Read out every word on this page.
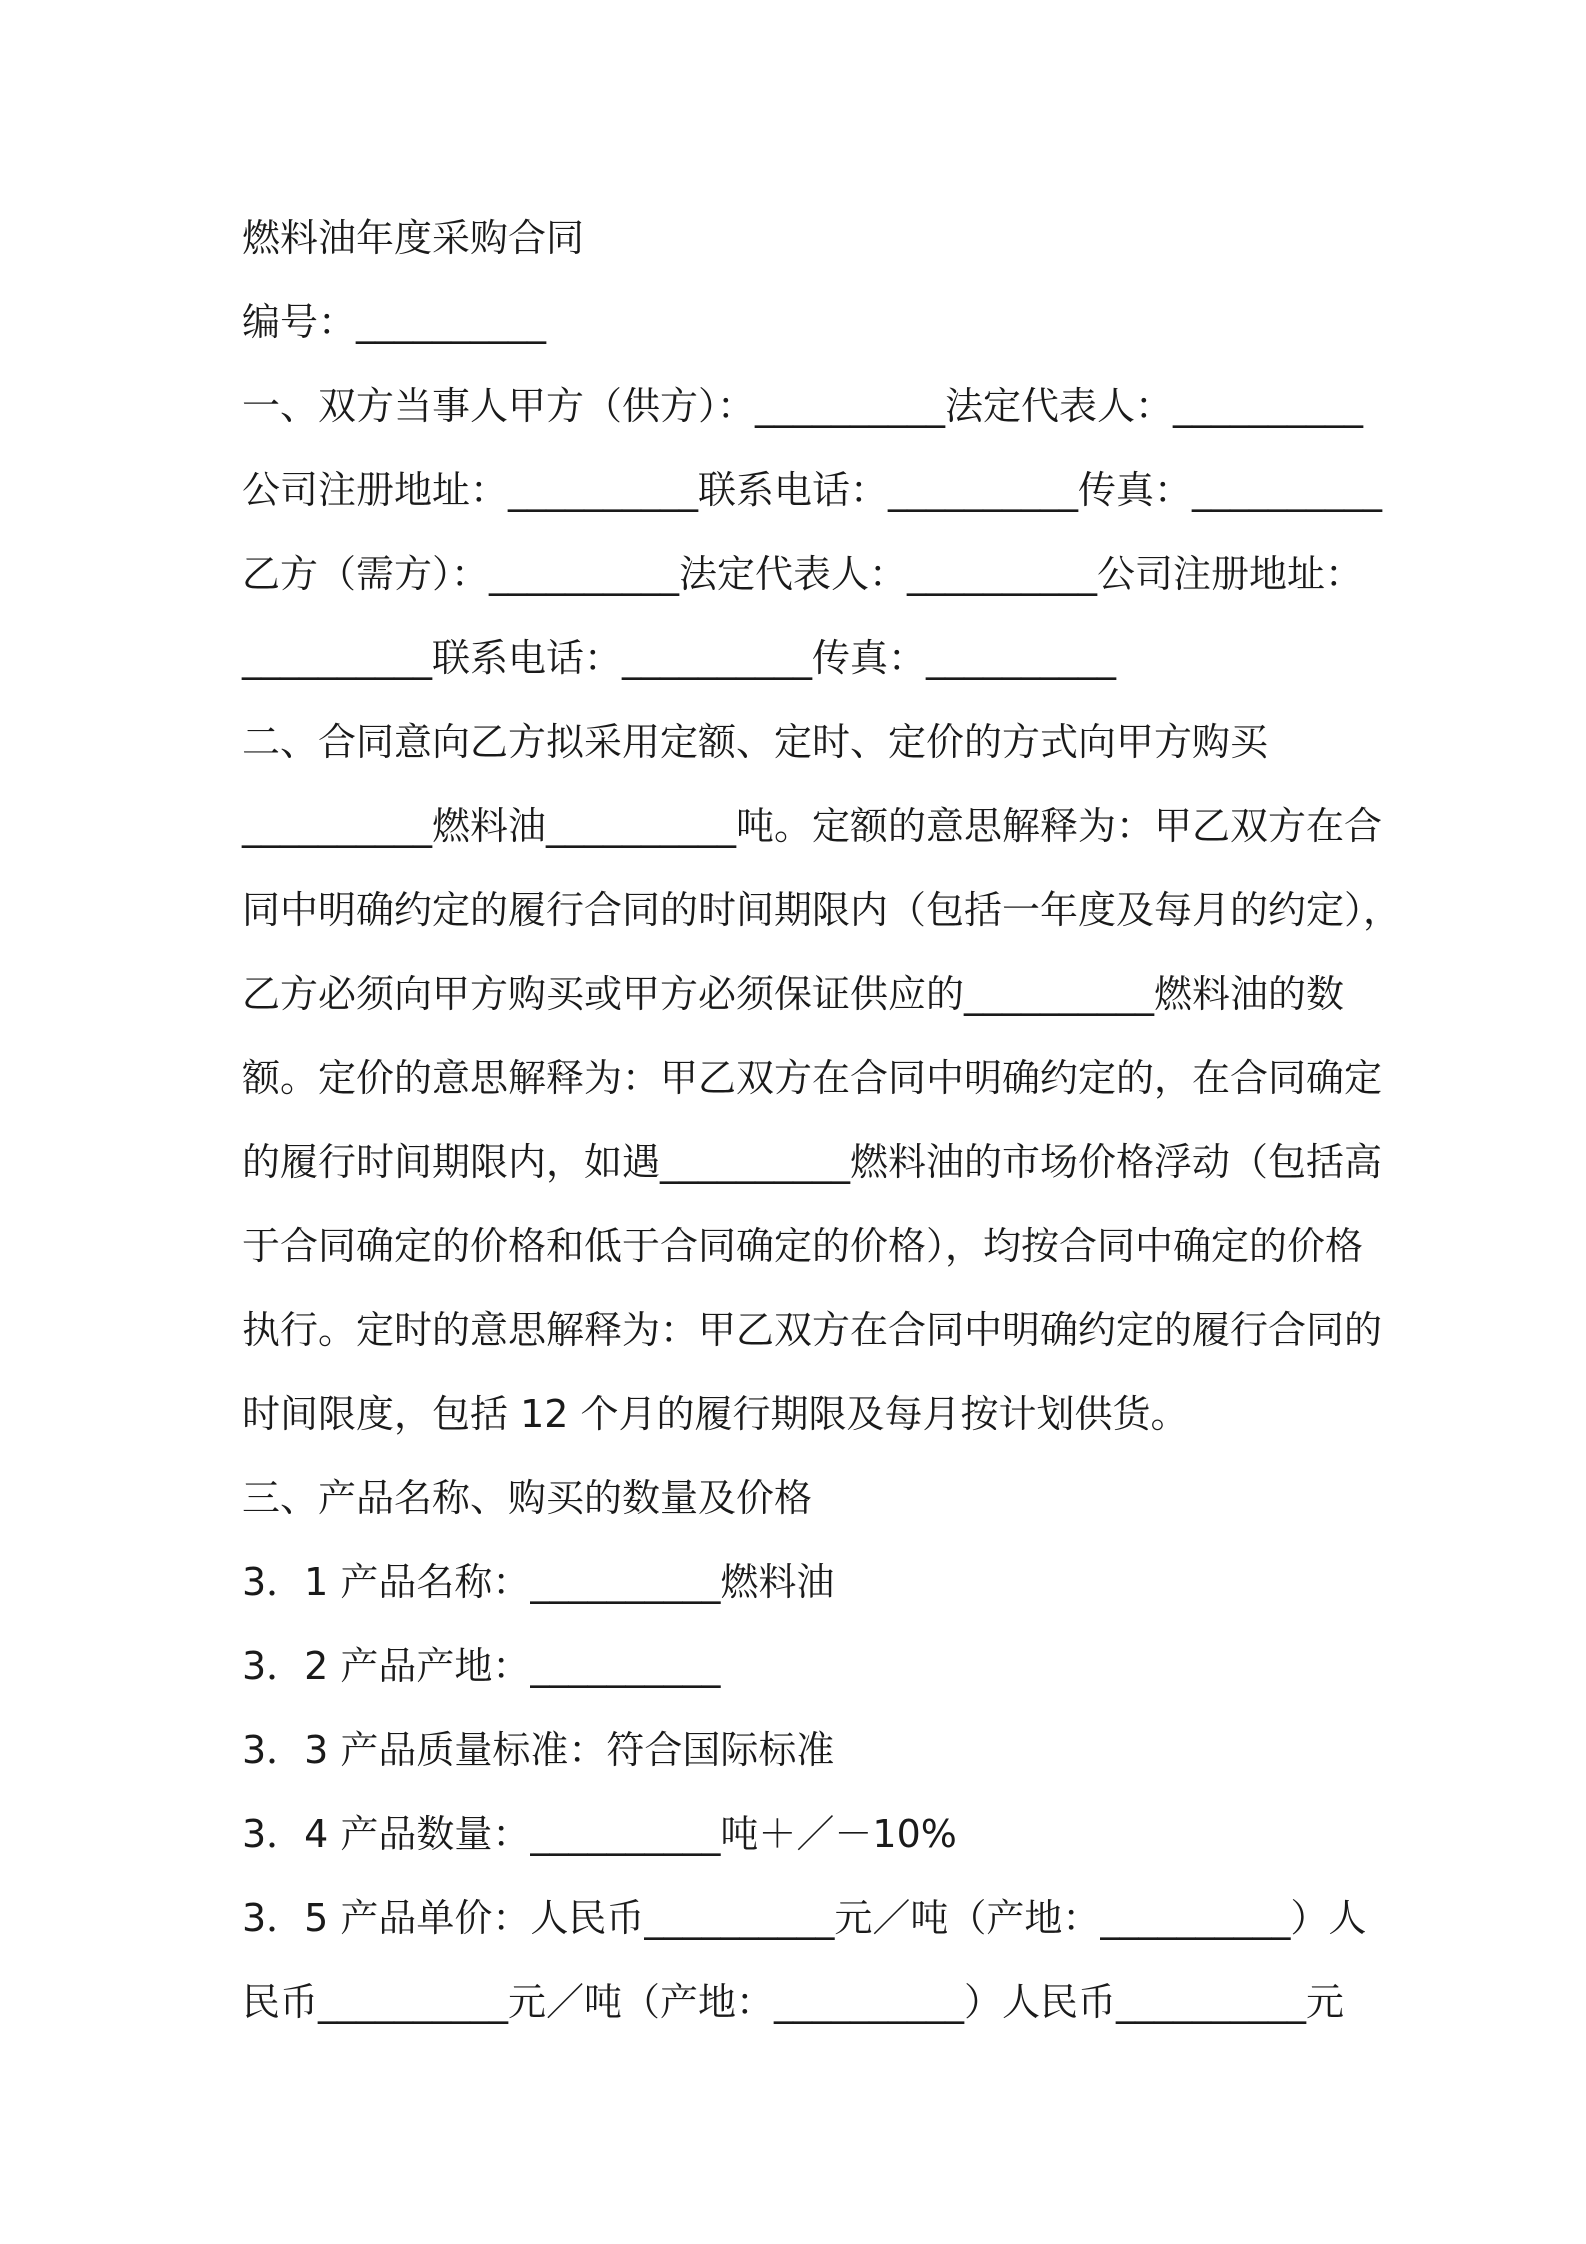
燃料油年度采购合同
编号：__________
一、双方当事人甲方（供方）：__________法定代表人：__________
公司注册地址：__________联系电话：__________传真：__________
乙方（需方）：__________法定代表人：__________公司注册地址：
__________联系电话：__________传真：__________
二、合同意向乙方拟采用定额、定时、定价的方式向甲方购买
__________燃料油__________吨。定额的意思解释为：甲乙双方在合
同中明确约定的履行合同的时间期限内（包括一年度及每月的约定），
乙方必须向甲方购买或甲方必须保证供应的__________燃料油的数
额。定价的意思解释为：甲乙双方在合同中明确约定的，在合同确定
的履行时间期限内，如遇__________燃料油的市场价格浮动（包括高
于合同确定的价格和低于合同确定的价格），均按合同中确定的价格
执行。定时的意思解释为：甲乙双方在合同中明确约定的履行合同的
时间限度，包括 12 个月的履行期限及每月按计划供货。
三、产品名称、购买的数量及价格
3．1 产品名称：__________燃料油
3．2 产品产地：__________
3．3 产品质量标准：符合国际标准
3．4 产品数量：__________吨＋／－10%
3．5 产品单价：人民币__________元／吨（产地：__________）人
民币__________元／吨（产地：__________）人民币__________元
